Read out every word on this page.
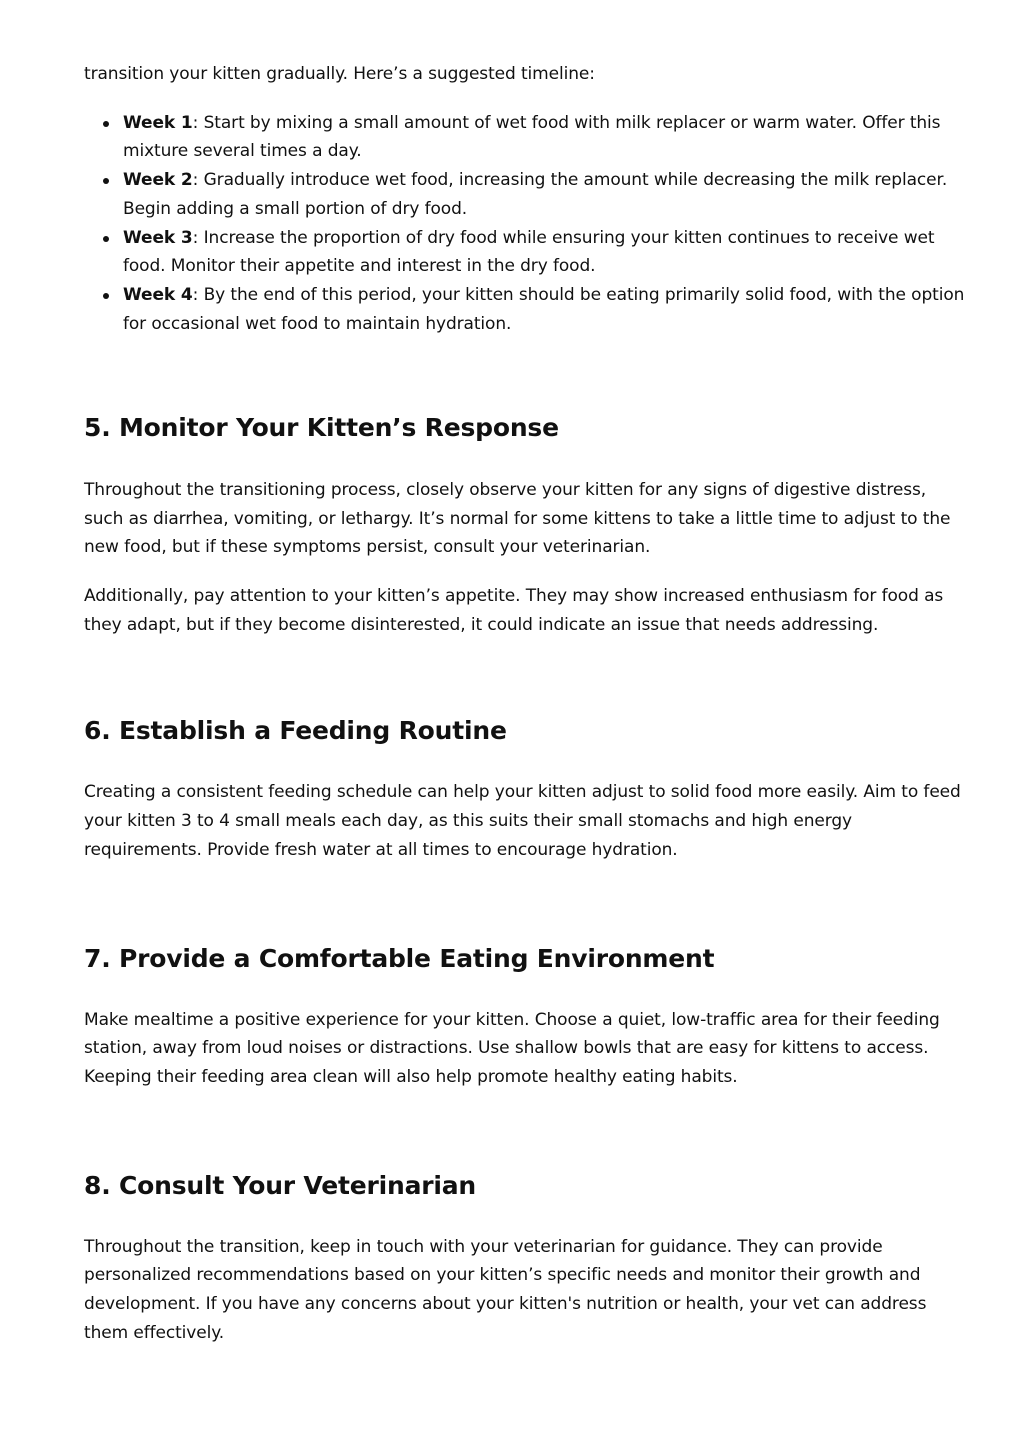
transition your kitten gradually. Here’s a suggested timeline:

Week 1: Start by mixing a small amount of wet food with milk replacer or warm water. Offer this mixture several times a day.
Week 2: Gradually introduce wet food, increasing the amount while decreasing the milk replacer. Begin adding a small portion of dry food.
Week 3: Increase the proportion of dry food while ensuring your kitten continues to receive wet food. Monitor their appetite and interest in the dry food.
Week 4: By the end of this period, your kitten should be eating primarily solid food, with the option for occasional wet food to maintain hydration.
5. Monitor Your Kitten’s Response

Throughout the transitioning process, closely observe your kitten for any signs of digestive distress, such as diarrhea, vomiting, or lethargy. It’s normal for some kittens to take a little time to adjust to the new food, but if these symptoms persist, consult your veterinarian.

Additionally, pay attention to your kitten’s appetite. They may show increased enthusiasm for food as they adapt, but if they become disinterested, it could indicate an issue that needs addressing.

6. Establish a Feeding Routine

Creating a consistent feeding schedule can help your kitten adjust to solid food more easily. Aim to feed your kitten 3 to 4 small meals each day, as this suits their small stomachs and high energy requirements. Provide fresh water at all times to encourage hydration.

7. Provide a Comfortable Eating Environment

Make mealtime a positive experience for your kitten. Choose a quiet, low-traffic area for their feeding station, away from loud noises or distractions. Use shallow bowls that are easy for kittens to access. Keeping their feeding area clean will also help promote healthy eating habits.

8. Consult Your Veterinarian

Throughout the transition, keep in touch with your veterinarian for guidance. They can provide personalized recommendations based on your kitten’s specific needs and monitor their growth and development. If you have any concerns about your kitten's nutrition or health, your vet can address them effectively.
